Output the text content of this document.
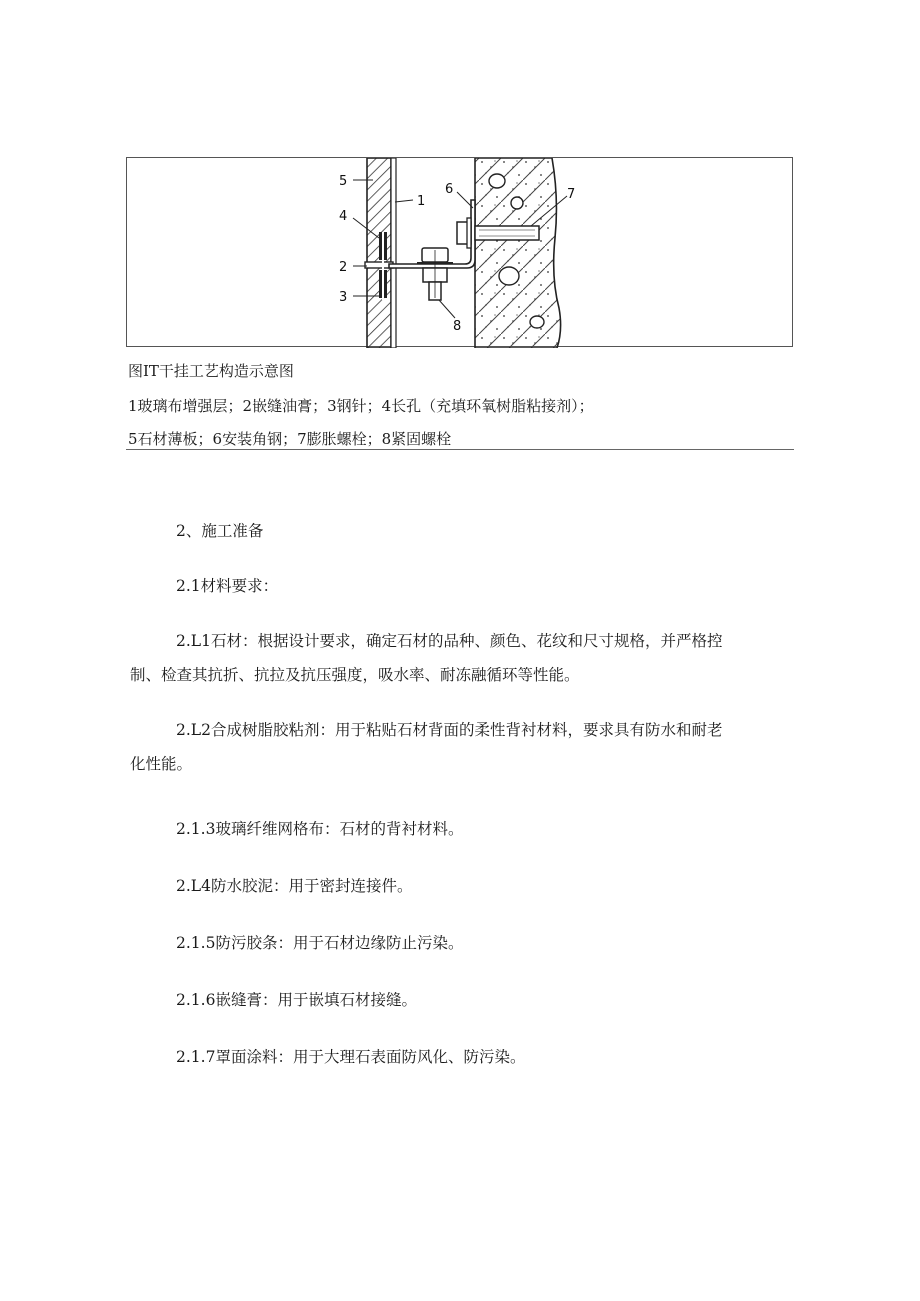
5
4
2
3
1
6	7
8
图IT干挂工艺构造示意图
1玻璃布增强层；2嵌缝油膏；3钢针；4长孔（充填环氧树脂粘接剂）；
5石材薄板；6安装角钢；7膨胀螺栓；8紧固螺栓
2、施工准备
2.1材料要求：
2.L1石材：根据设计要求，确定石材的品种、颜色、花纹和尺寸规格，并严格控
制、检查其抗折、抗拉及抗压强度，吸水率、耐冻融循环等性能。
2.L2合成树脂胶粘剂：用于粘贴石材背面的柔性背衬材料，要求具有防水和耐老
化性能。
2.1.3玻璃纤维网格布：石材的背衬材料。
2.L4防水胶泥：用于密封连接件。
2.1.5防污胶条：用于石材边缘防止污染。
2.1.6嵌缝膏：用于嵌填石材接缝。
2.1.7罩面涂料：用于大理石表面防风化、防污染。
